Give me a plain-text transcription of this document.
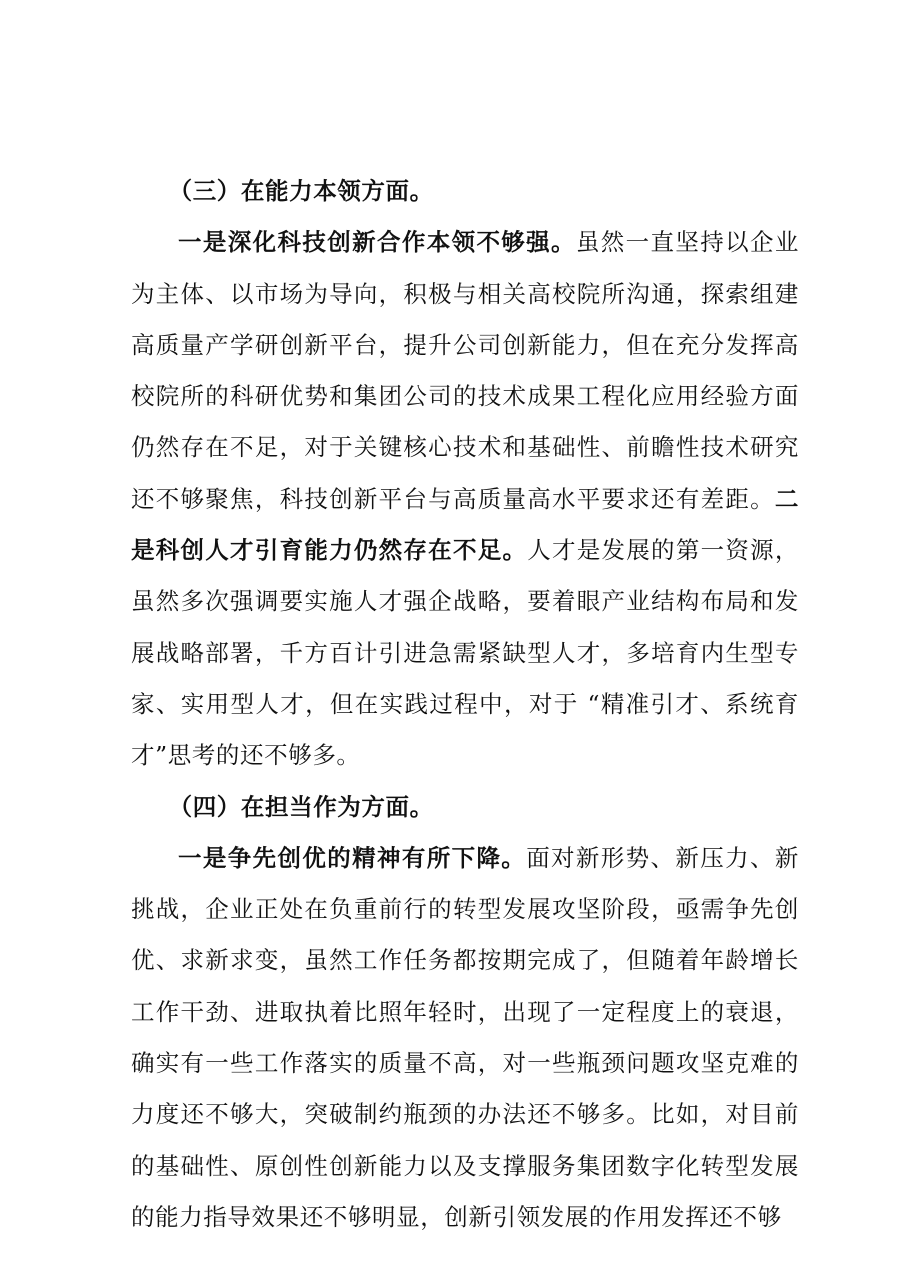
（三）在能力本领方面。

一是深化科技创新合作本领不够强。虽然一直坚持以企业为主体、以市场为导向，积极与相关高校院所沟通，探索组建高质量产学研创新平台，提升公司创新能力，但在充分发挥高校院所的科研优势和集团公司的技术成果工程化应用经验方面仍然存在不足，对于关键核心技术和基础性、前瞻性技术研究还不够聚焦，科技创新平台与高质量高水平要求还有差距。二是科创人才引育能力仍然存在不足。人才是发展的第一资源，虽然多次强调要实施人才强企战略，要着眼产业结构布局和发展战略部署，千方百计引进急需紧缺型人才，多培育内生型专家、实用型人才，但在实践过程中，对于 “精准引才、系统育才”思考的还不够多。

（四）在担当作为方面。

一是争先创优的精神有所下降。面对新形势、新压力、新挑战，企业正处在负重前行的转型发展攻坚阶段，亟需争先创优、求新求变，虽然工作任务都按期完成了，但随着年龄增长工作干劲、进取执着比照年轻时，出现了一定程度上的衰退，确实有一些工作落实的质量不高，对一些瓶颈问题攻坚克难的力度还不够大，突破制约瓶颈的办法还不够多。比如，对目前的基础性、原创性创新能力以及支撑服务集团数字化转型发展的能力指导效果还不够明显，创新引领发展的作用发挥还不够
